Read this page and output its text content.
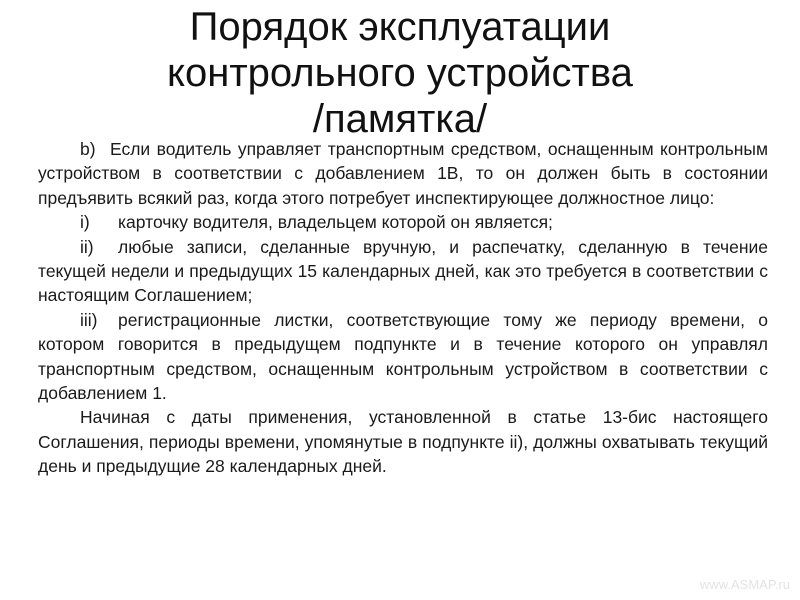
Порядок эксплуатации
контрольного устройства
/памятка/

b) Если водитель управляет транспортным средством, оснащенным контрольным устройством в соответствии с добавлением 1В, то он должен быть в состоянии предъявить всякий раз, когда этого потребует инспектирующее должностное лицо:

i) карточку водителя, владельцем которой он является;

ii) любые записи, сделанные вручную, и распечатку, сделанную в течение текущей недели и предыдущих 15 календарных дней, как это требуется в соответствии с настоящим Соглашением;

iii) регистрационные листки, соответствующие тому же периоду времени, о котором говорится в предыдущем подпункте и в течение которого он управлял транспортным средством, оснащенным контрольным устройством в соответствии с добавлением 1.

Начиная с даты применения, установленной в статье 13-бис настоящего Соглашения, периоды времени, упомянутые в подпункте ii), должны охватывать текущий день и предыдущие 28 календарных дней.

www.ASMAP.ru
